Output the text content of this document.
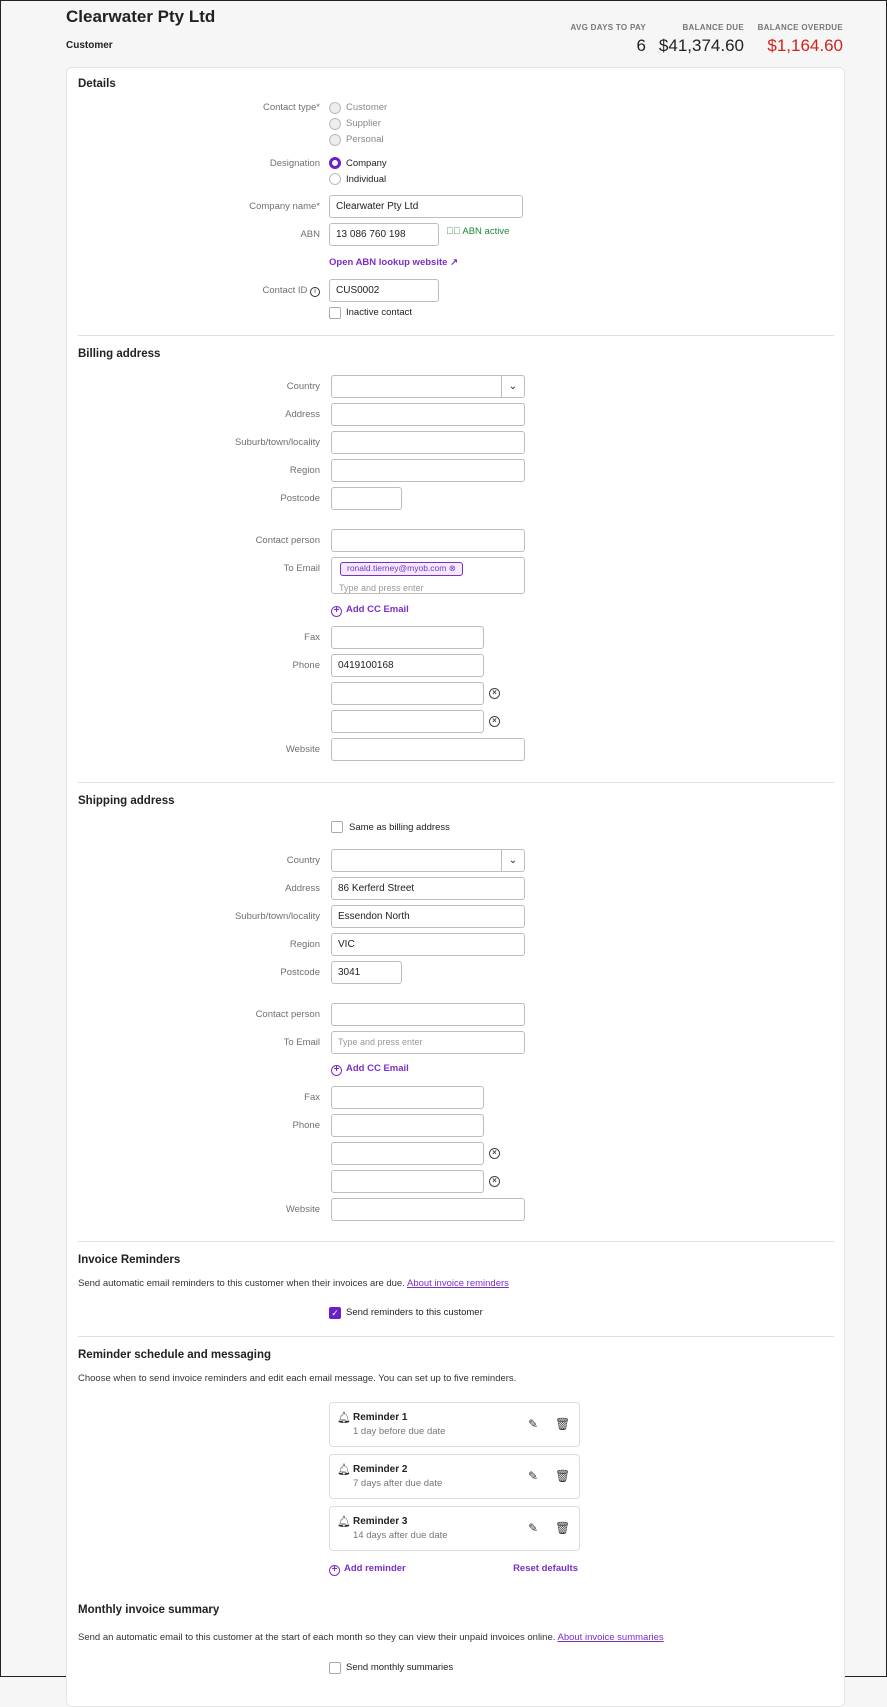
Clearwater Pty Ltd
Customer
AVG DAYS TO PAY
6
BALANCE DUE
$41,374.60
BALANCE OVERDUE
$1,164.60
Details
Contact type*	Customer
Supplier
Personal
Designation	Company
Individual
Company name*	Clearwater Pty Ltd
ABN	13 086 760 198	✓⃝ ABN active
Open ABN lookup website ↗
Contact ID i	CUS0002
Inactive contact
Billing address
Country	⌄
Address
Suburb/town/locality
Region
Postcode
Contact person
To Email	ronald.tierney@myob.com ⊗
Type and press enter
+ Add CC Email
Fax
Phone	0419100168
×
×
Website
Shipping address
Same as billing address
Country	⌄
Address	86 Kerferd Street
Suburb/town/locality	Essendon North
Region	VIC
Postcode	3041
Contact person
To Email	Type and press enter
+ Add CC Email
Fax
Phone
×
×
Website
Invoice Reminders
Send automatic email reminders to this customer when their invoices are due. About invoice reminders
✓ Send reminders to this customer
Reminder schedule and messaging
Choose when to send invoice reminders and edit each email message. You can set up to five reminders.
🔔︎ Reminder 1
1 day before due date
✎ 🗑︎
🔔︎ Reminder 2
7 days after due date
✎ 🗑︎
🔔︎ Reminder 3
14 days after due date
✎ 🗑︎
+ Add reminder	Reset defaults
Monthly invoice summary
Send an automatic email to this customer at the start of each month so they can view their unpaid invoices online. About invoice summaries
Send monthly summaries
